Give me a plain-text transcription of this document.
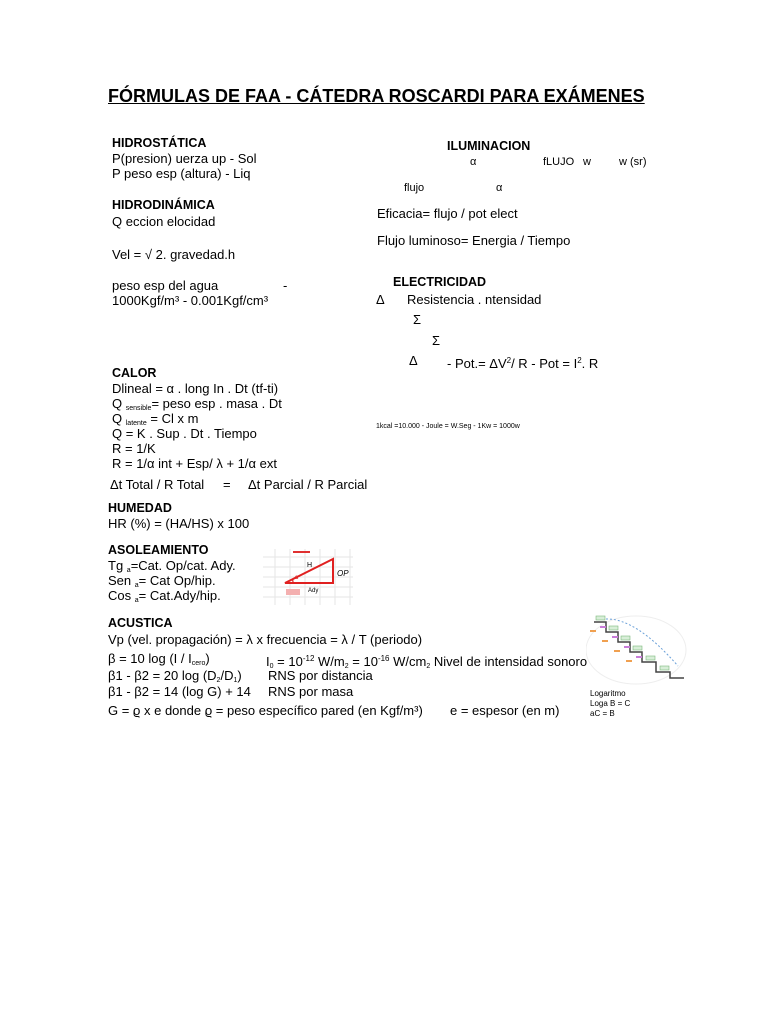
FÓRMULAS DE FAA - CÁTEDRA ROSCARDI PARA EXÁMENES
HIDROSTÁTICA
P(presion) uerza up - Sol
P peso esp (altura) - Liq
HIDRODINÁMICA
Q eccion elocidad
Vel = √ 2. gravedad.h
peso esp del agua	-
1000Kgf/m³ - 0.001Kgf/cm³
ILUMINACION
α	fLUJO w	w (sr)
flujo	α
Eficacia= flujo / pot elect
Flujo luminoso= Energia / Tiempo
ELECTRICIDAD
Δ Resistencia . ntensidad
Σ
Σ
$\Delta - Pot.= \Delta V^2/$ R - Pot = $I^2$. R
1kcal =10.000 - Joule = W.Seg - 1Kw = 1000w
CALOR
Dlineal = α . long In . Dt (tf-ti)
Q $_{sensible}$= peso esp . masa . Dt
Q $_{latente}$ = Cl x m
Q = K . Sup . Dt . Tiempo
R = 1/K
R = 1/α int + Esp/ λ + 1/α ext
Δt Total / R Total = Δt Parcial / R Parcial
HUMEDAD
HR (%) = (HA/HS) x 100
ASOLEAMIENTO
Tg $_a$=Cat. Op/cat. Ady.
Sen $_a$= Cat Op/hip.
Cos $_a$= Cat.Ady/hip.
H
OP
Ady
α
ACUSTICA
Vp (vel. propagación) = λ x frecuencia = λ / T (periodo)
β = 10 $\log (I / I_{cero})$	$I_0 = 10^{-12}$ $W/m_2 = 10^{-16}$ $W/cm_2$ Nivel de intensidad sonoro
β1 - β2 = 20 $\log (D_2/D_1)$ RNS por distancia
β1 - β2 = 14 (log G) + 14 RNS por masa
G = ϱ x e donde ϱ = peso específico pared (en Kgf/m³) e = espesor (en m)
Logaritmo
Loga B = C
aC = B
